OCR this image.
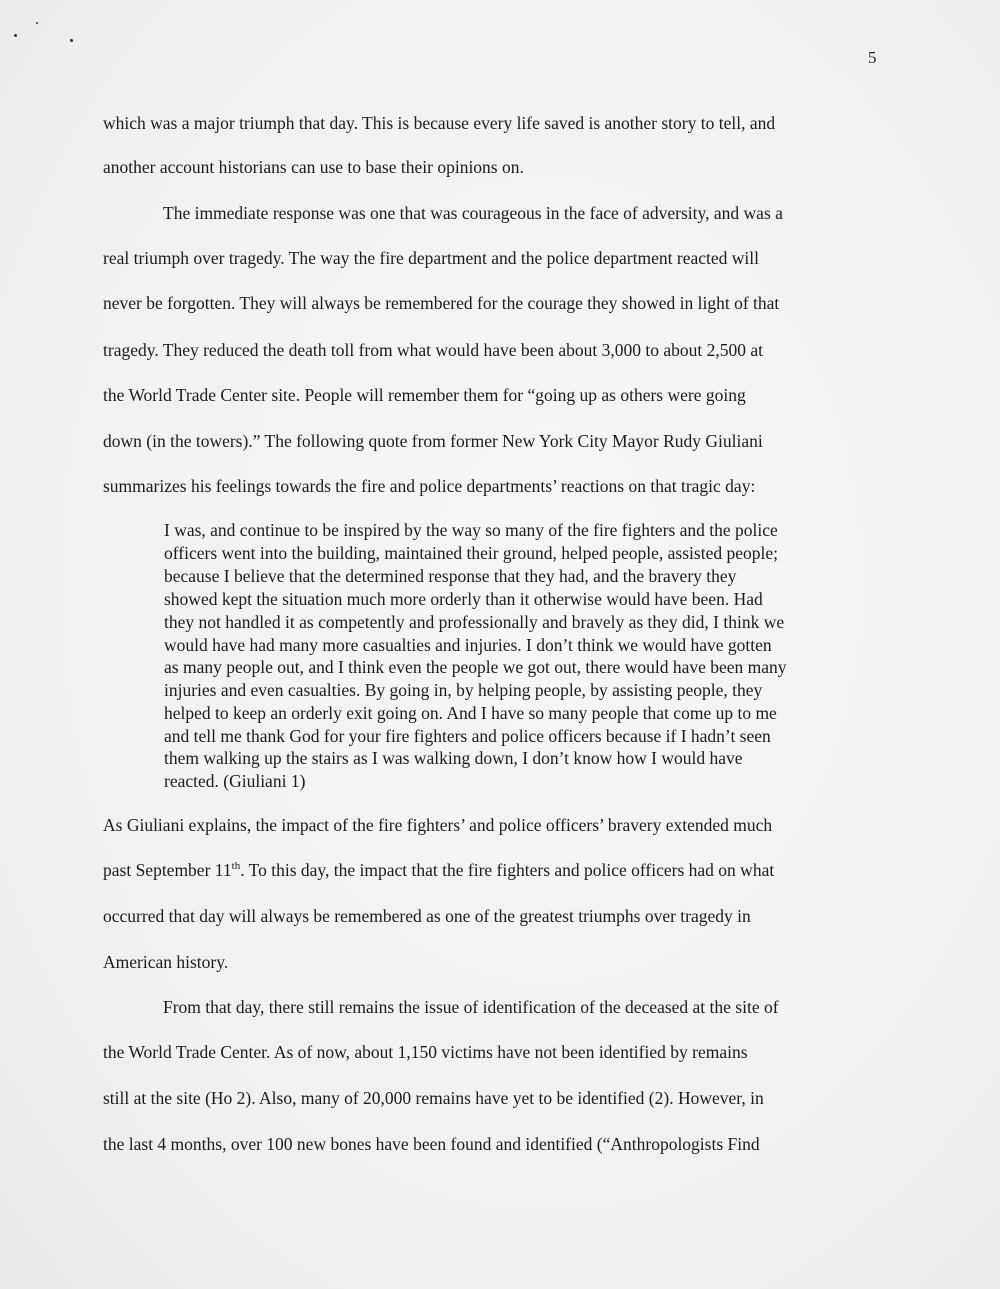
5
which was a major triumph that day. This is because every life saved is another story to tell, and
another account historians can use to base their opinions on.
The immediate response was one that was courageous in the face of adversity, and was a
real triumph over tragedy. The way the fire department and the police department reacted will
never be forgotten. They will always be remembered for the courage they showed in light of that
tragedy. They reduced the death toll from what would have been about 3,000 to about 2,500 at
the World Trade Center site. People will remember them for “going up as others were going
down (in the towers).” The following quote from former New York City Mayor Rudy Giuliani
summarizes his feelings towards the fire and police departments’ reactions on that tragic day:
I was, and continue to be inspired by the way so many of the fire fighters and the police
officers went into the building, maintained their ground, helped people, assisted people;
because I believe that the determined response that they had, and the bravery they
showed kept the situation much more orderly than it otherwise would have been. Had
they not handled it as competently and professionally and bravely as they did, I think we
would have had many more casualties and injuries. I don’t think we would have gotten
as many people out, and I think even the people we got out, there would have been many
injuries and even casualties. By going in, by helping people, by assisting people, they
helped to keep an orderly exit going on. And I have so many people that come up to me
and tell me thank God for your fire fighters and police officers because if I hadn’t seen
them walking up the stairs as I was walking down, I don’t know how I would have
reacted. (Giuliani 1)
As Giuliani explains, the impact of the fire fighters’ and police officers’ bravery extended much
past September 11th. To this day, the impact that the fire fighters and police officers had on what
occurred that day will always be remembered as one of the greatest triumphs over tragedy in
American history.
From that day, there still remains the issue of identification of the deceased at the site of
the World Trade Center. As of now, about 1,150 victims have not been identified by remains
still at the site (Ho 2). Also, many of 20,000 remains have yet to be identified (2). However, in
the last 4 months, over 100 new bones have been found and identified (“Anthropologists Find
